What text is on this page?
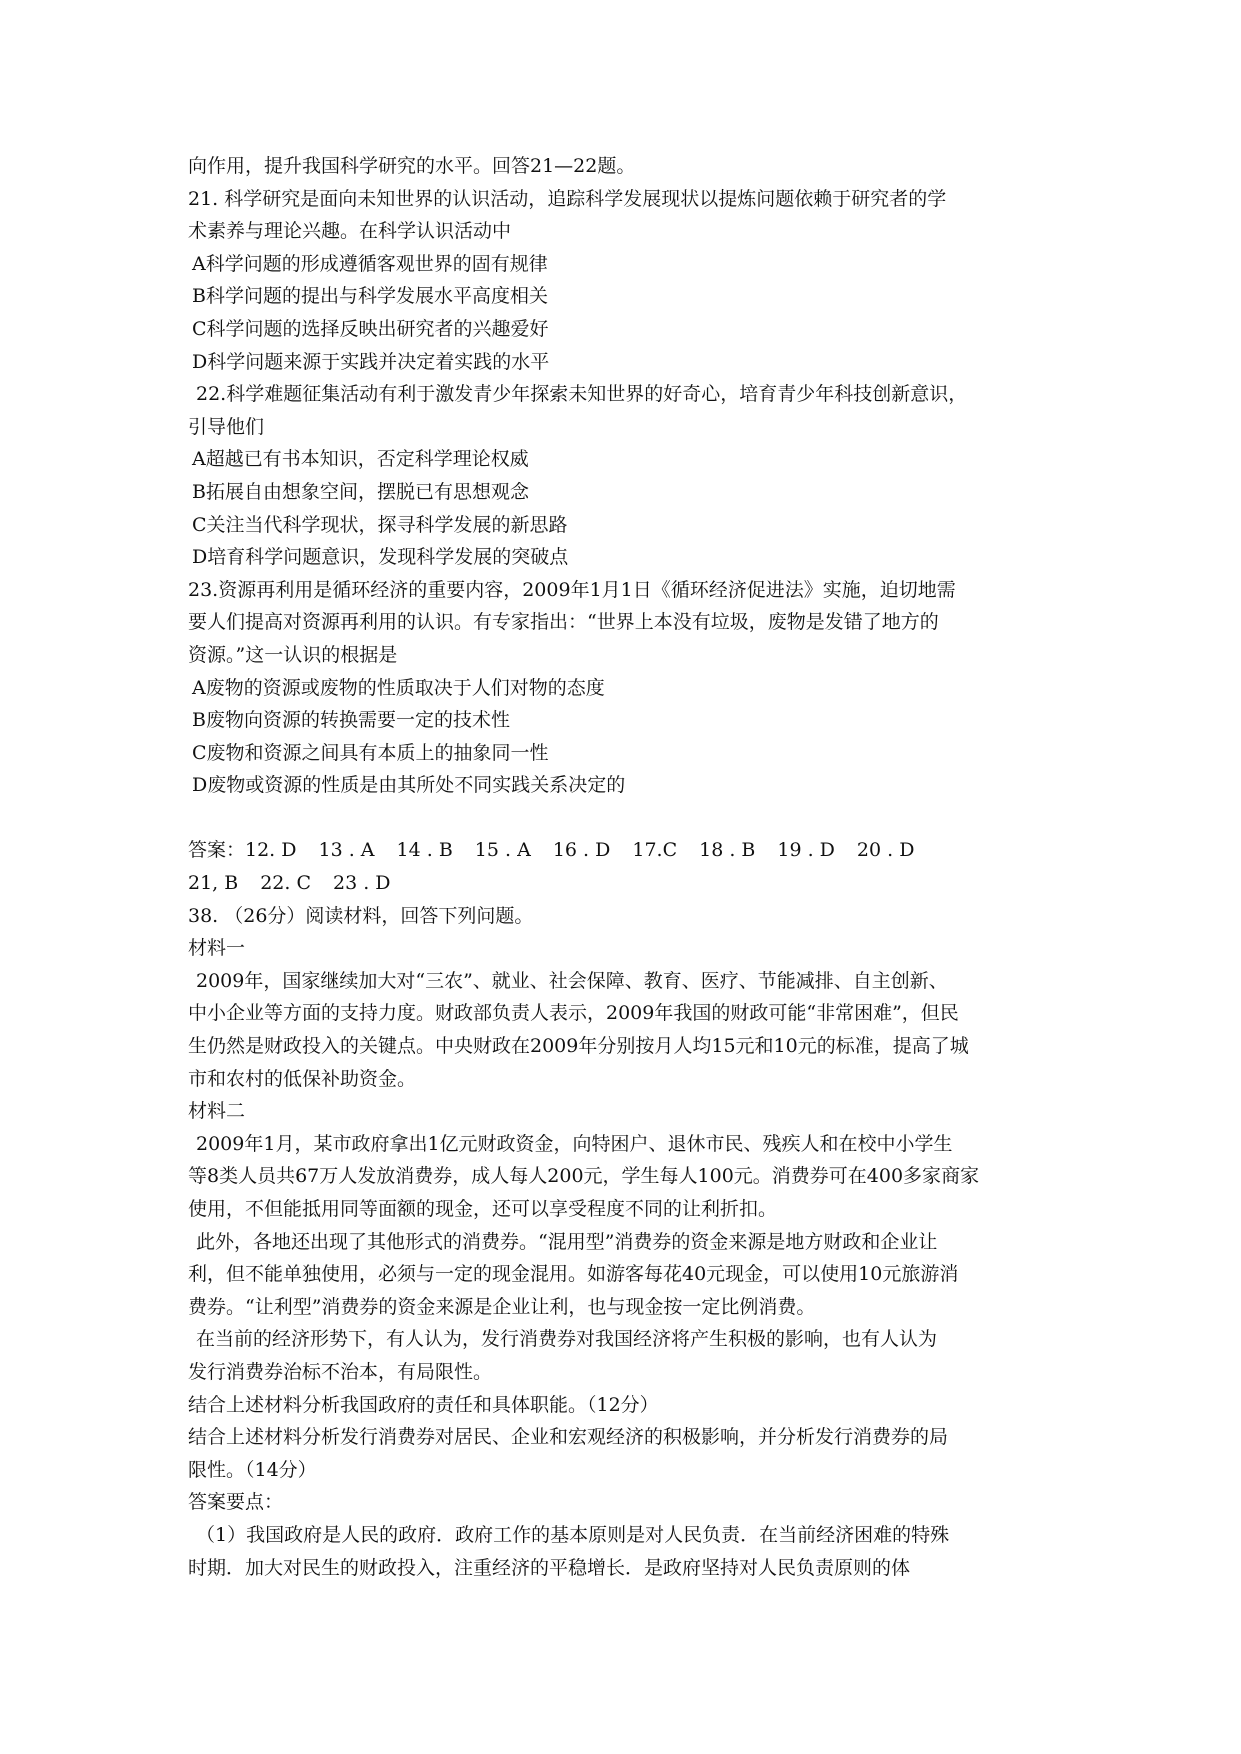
向作用，提升我国科学研究的水平。回答21—22题。
21. 科学研究是面向未知世界的认识活动，追踪科学发展现状以提炼问题依赖于研究者的学
术素养与理论兴趣。在科学认识活动中
A科学问题的形成遵循客观世界的固有规律
B科学问题的提出与科学发展水平高度相关
C科学问题的选择反映出研究者的兴趣爱好
D科学问题来源于实践并决定着实践的水平
22.科学难题征集活动有利于激发青少年探索未知世界的好奇心，培育青少年科技创新意识，
引导他们
A超越已有书本知识，否定科学理论权威
B拓展自由想象空间，摆脱已有思想观念
C关注当代科学现状，探寻科学发展的新思路
D培育科学问题意识，发现科学发展的突破点
23.资源再利用是循环经济的重要内容，2009年1月1日《循环经济促进法》实施，迫切地需
要人们提高对资源再利用的认识。有专家指出：“世界上本没有垃圾，废物是发错了地方的
资源。”这一认识的根据是
A废物的资源或废物的性质取决于人们对物的态度
B废物向资源的转换需要一定的技术性
C废物和资源之间具有本质上的抽象同一性
D废物或资源的性质是由其所处不同实践关系决定的
答案：12. D 13 . A 14 . B 15 . A 16 . D 17.C 18 . B 19 . D 20 . D
21, B 22. C 23 . D
38. （26分）阅读材料，回答下列问题。
材料一
2009年，国家继续加大对“三农”、就业、社会保障、教育、医疗、节能减排、自主创新、
中小企业等方面的支持力度。财政部负责人表示，2009年我国的财政可能“非常困难”，但民
生仍然是财政投入的关键点。中央财政在2009年分别按月人均15元和10元的标准，提高了城
市和农村的低保补助资金。
材料二
2009年1月，某市政府拿出1亿元财政资金，向特困户、退休市民、残疾人和在校中小学生
等8类人员共67万人发放消费券，成人每人200元，学生每人100元。消费券可在400多家商家
使用，不但能抵用同等面额的现金，还可以享受程度不同的让利折扣。
此外，各地还出现了其他形式的消费券。“混用型”消费券的资金来源是地方财政和企业让
利，但不能单独使用，必须与一定的现金混用。如游客每花40元现金，可以使用10元旅游消
费券。“让利型”消费券的资金来源是企业让利，也与现金按一定比例消费。
在当前的经济形势下，有人认为，发行消费券对我国经济将产生积极的影响，也有人认为
发行消费券治标不治本，有局限性。
结合上述材料分析我国政府的责任和具体职能。（12分）
结合上述材料分析发行消费券对居民、企业和宏观经济的积极影响，并分析发行消费券的局
限性。（14分）
答案要点：
（1）我国政府是人民的政府．政府工作的基本原则是对人民负责．在当前经济困难的特殊
时期．加大对民生的财政投入，注重经济的平稳增长．是政府坚持对人民负责原则的体
